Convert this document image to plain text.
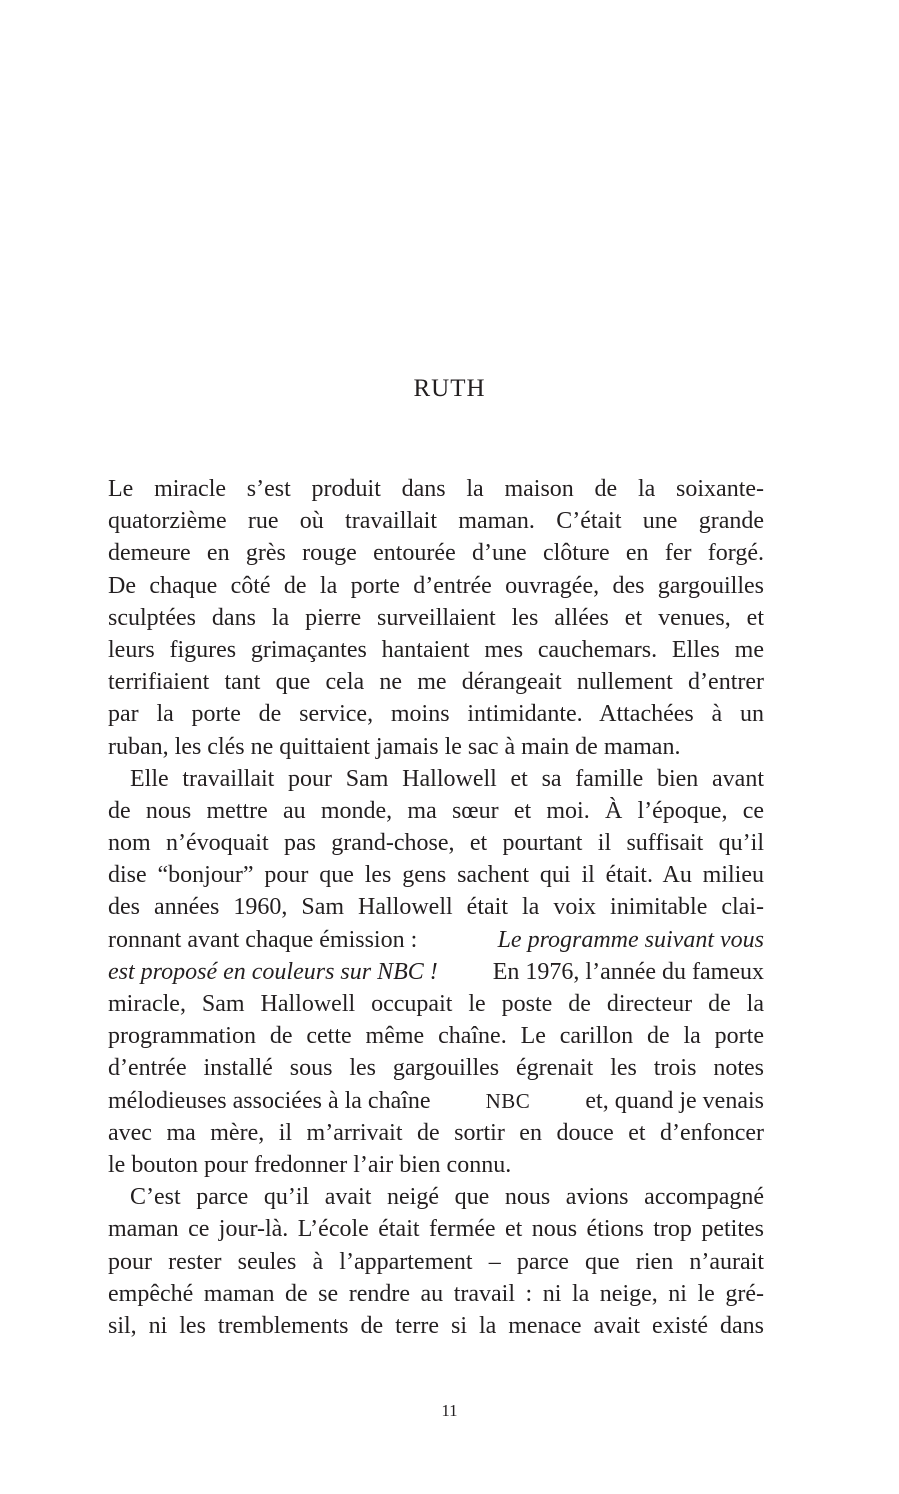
RUTH
Le miracle s’est produit dans la maison de la soixante-
quatorzième rue où travaillait maman. C’était une grande
demeure en grès rouge entourée d’une clôture en fer forgé.
De chaque côté de la porte d’entrée ouvragée, des gargouilles
sculptées dans la pierre surveillaient les allées et venues, et
leurs figures grimaçantes hantaient mes cauchemars. Elles me
terrifiaient tant que cela ne me dérangeait nullement d’entrer
par la porte de service, moins intimidante. Attachées à un
ruban, les clés ne quittaient jamais le sac à main de maman.
Elle travaillait pour Sam Hallowell et sa famille bien avant
de nous mettre au monde, ma sœur et moi. À l’époque, ce
nom n’évoquait pas grand-chose, et pourtant il suffisait qu’il
dise “bonjour” pour que les gens sachent qui il était. Au milieu
des années 1960, Sam Hallowell était la voix inimitable clai-
ronnant avant chaque émission :	Le programme suivant vous
est proposé en couleurs sur NBC ! En 1976, l’année du fameux
miracle, Sam Hallowell occupait le poste de directeur de la
programmation de cette même chaîne. Le carillon de la porte
d’entrée installé sous les gargouilles égrenait les trois notes
mélodieuses associées à la chaîne	NBC et, quand je venais
avec ma mère, il m’arrivait de sortir en douce et d’enfoncer
le bouton pour fredonner l’air bien connu.
C’est parce qu’il avait neigé que nous avions accompagné
maman ce jour-là. L’école était fermée et nous étions trop petites
pour rester seules à l’appartement – parce que rien n’aurait
empêché maman de se rendre au travail : ni la neige, ni le gré-
sil, ni les tremblements de terre si la menace avait existé dans
11
